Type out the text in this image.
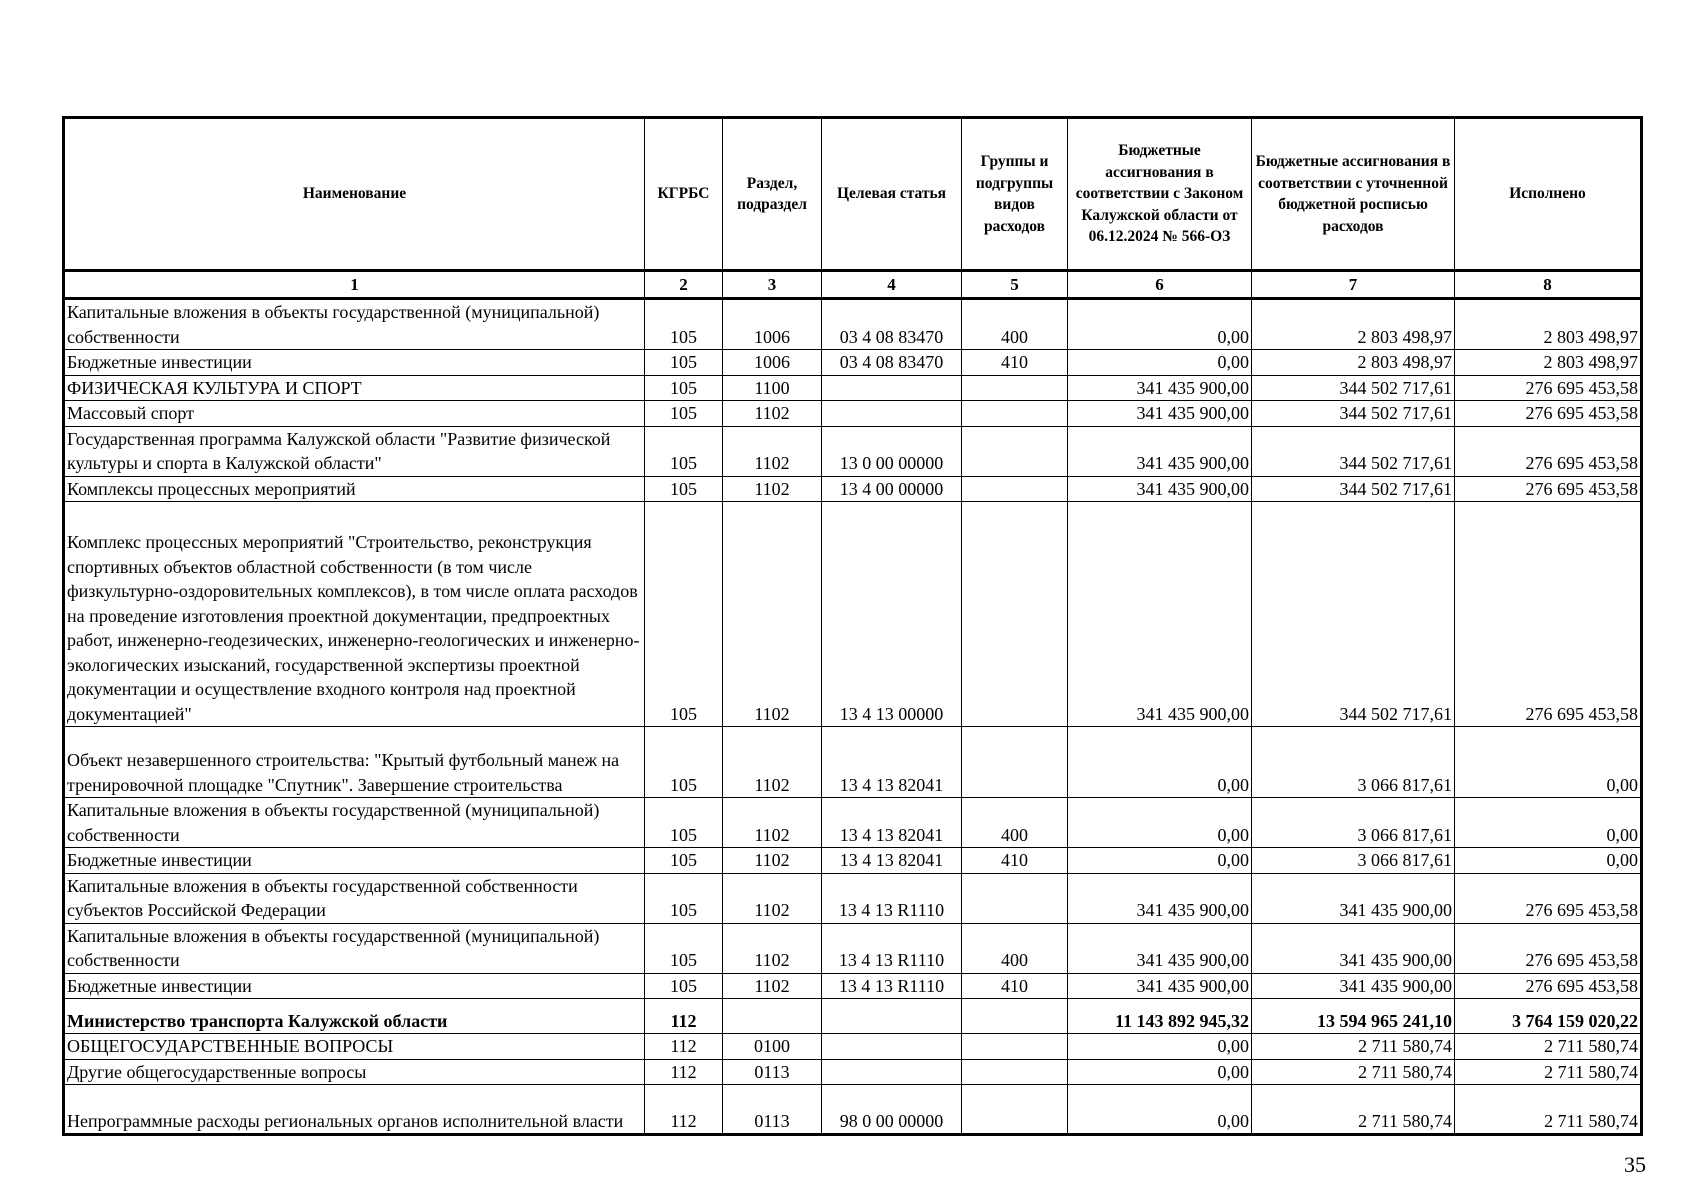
Наименование	КГРБС	Раздел, подраздел	Целевая статья	Группы и подгруппы видов расходов	Бюджетные ассигнования в соответствии с Законом Калужской области от 06.12.2024 № 566-ОЗ	Бюджетные ассигнования в соответствии с уточненной бюджетной росписью расходов	Исполнено
1	2	3	4	5	6	7	8
Капитальные вложения в объекты государственной (муниципальной) собственности	105	1006	03 4 08 83470	400	0,00	2 803 498,97	2 803 498,97
Бюджетные инвестиции	105	1006	03 4 08 83470	410	0,00	2 803 498,97	2 803 498,97
ФИЗИЧЕСКАЯ КУЛЬТУРА И СПОРТ	105	1100			341 435 900,00	344 502 717,61	276 695 453,58
Массовый спорт	105	1102			341 435 900,00	344 502 717,61	276 695 453,58
Государственная программа Калужской области "Развитие физической культуры и спорта в Калужской области"	105	1102	13 0 00 00000		341 435 900,00	344 502 717,61	276 695 453,58
Комплексы процессных мероприятий	105	1102	13 4 00 00000		341 435 900,00	344 502 717,61	276 695 453,58
Комплекс процессных мероприятий "Строительство, реконструкция спортивных объектов областной собственности (в том числе физкультурно-оздоровительных комплексов), в том числе оплата расходов на проведение изготовления проектной документации, предпроектных работ, инженерно-геодезических, инженерно-геологических и инженерно-экологических изысканий, государственной экспертизы проектной документации и осуществление входного контроля над проектной документацией"	105	1102	13 4 13 00000		341 435 900,00	344 502 717,61	276 695 453,58
Объект незавершенного строительства: "Крытый футбольный манеж на тренировочной площадке "Спутник". Завершение строительства	105	1102	13 4 13 82041		0,00	3 066 817,61	0,00
Капитальные вложения в объекты государственной (муниципальной) собственности	105	1102	13 4 13 82041	400	0,00	3 066 817,61	0,00
Бюджетные инвестиции	105	1102	13 4 13 82041	410	0,00	3 066 817,61	0,00
Капитальные вложения в объекты государственной собственности субъектов Российской Федерации	105	1102	13 4 13 R1110		341 435 900,00	341 435 900,00	276 695 453,58
Капитальные вложения в объекты государственной (муниципальной) собственности	105	1102	13 4 13 R1110	400	341 435 900,00	341 435 900,00	276 695 453,58
Бюджетные инвестиции	105	1102	13 4 13 R1110	410	341 435 900,00	341 435 900,00	276 695 453,58
Министерство транспорта Калужской области	112				11 143 892 945,32	13 594 965 241,10	3 764 159 020,22
ОБЩЕГОСУДАРСТВЕННЫЕ ВОПРОСЫ	112	0100			0,00	2 711 580,74	2 711 580,74
Другие общегосударственные вопросы	112	0113			0,00	2 711 580,74	2 711 580,74
Непрограммные расходы региональных органов исполнительной власти	112	0113	98 0 00 00000		0,00	2 711 580,74	2 711 580,74
35
